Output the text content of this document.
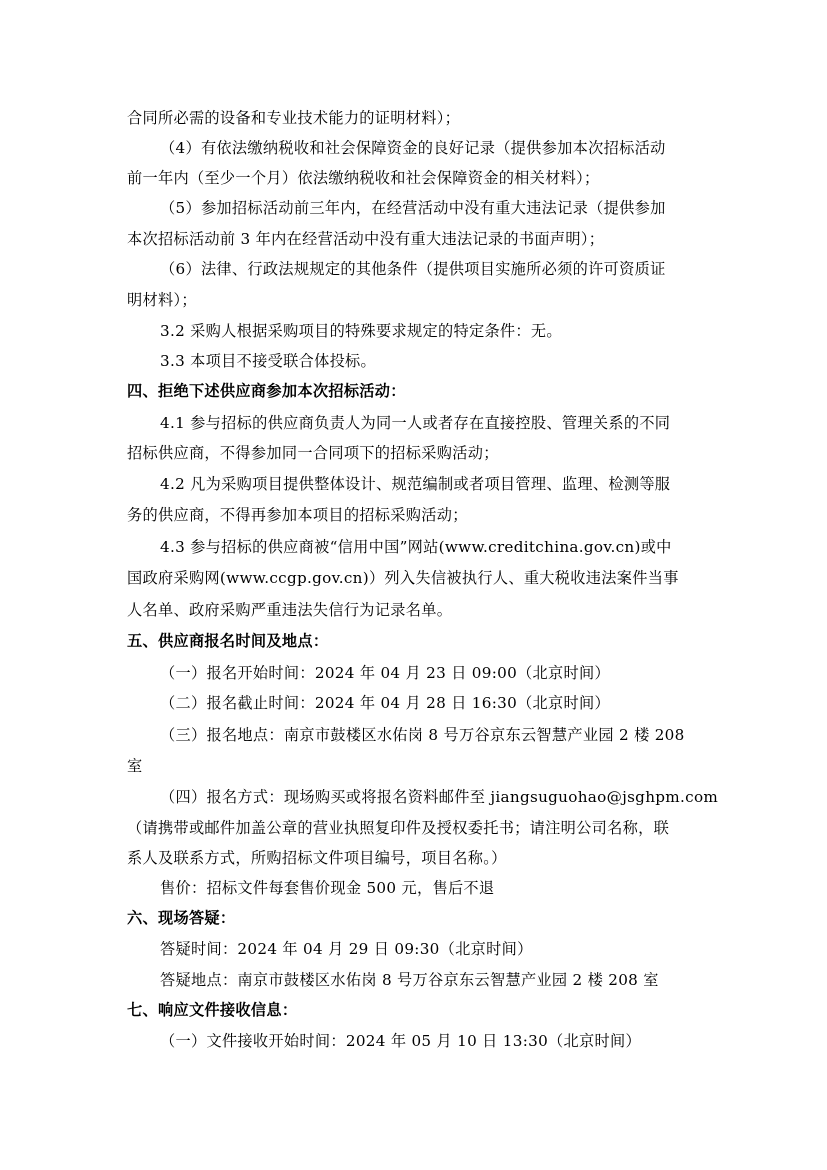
合同所必需的设备和专业技术能力的证明材料）；
（4）有依法缴纳税收和社会保障资金的良好记录（提供参加本次招标活动
前一年内（至少一个月）依法缴纳税收和社会保障资金的相关材料）；
（5）参加招标活动前三年内，在经营活动中没有重大违法记录（提供参加
本次招标活动前 3 年内在经营活动中没有重大违法记录的书面声明）；
（6）法律、行政法规规定的其他条件（提供项目实施所必须的许可资质证
明材料）；
3.2 采购人根据采购项目的特殊要求规定的特定条件：无。
3.3 本项目不接受联合体投标。
四、拒绝下述供应商参加本次招标活动：
4.1 参与招标的供应商负责人为同一人或者存在直接控股、管理关系的不同
招标供应商，不得参加同一合同项下的招标采购活动；
4.2 凡为采购项目提供整体设计、规范编制或者项目管理、监理、检测等服
务的供应商，不得再参加本项目的招标采购活动；
4.3 参与招标的供应商被“信用中国”网站(www.creditchina.gov.cn)或中
国政府采购网(www.ccgp.gov.cn)）列入失信被执行人、重大税收违法案件当事
人名单、政府采购严重违法失信行为记录名单。
五、供应商报名时间及地点：
（一）报名开始时间：2024 年 04 月 23 日 09:00（北京时间）
（二）报名截止时间：2024 年 04 月 28 日 16:30（北京时间）
（三）报名地点：南京市鼓楼区水佑岗 8 号万谷京东云智慧产业园 2 楼 208
室
（四）报名方式：现场购买或将报名资料邮件至 jiangsuguohao@jsghpm.com
（请携带或邮件加盖公章的营业执照复印件及授权委托书；请注明公司名称，联
系人及联系方式，所购招标文件项目编号，项目名称。）
售价：招标文件每套售价现金 500 元，售后不退
六、现场答疑：
答疑时间：2024 年 04 月 29 日 09:30（北京时间）
答疑地点：南京市鼓楼区水佑岗 8 号万谷京东云智慧产业园 2 楼 208 室
七、响应文件接收信息：
（一）文件接收开始时间：2024 年 05 月 10 日 13:30（北京时间）
